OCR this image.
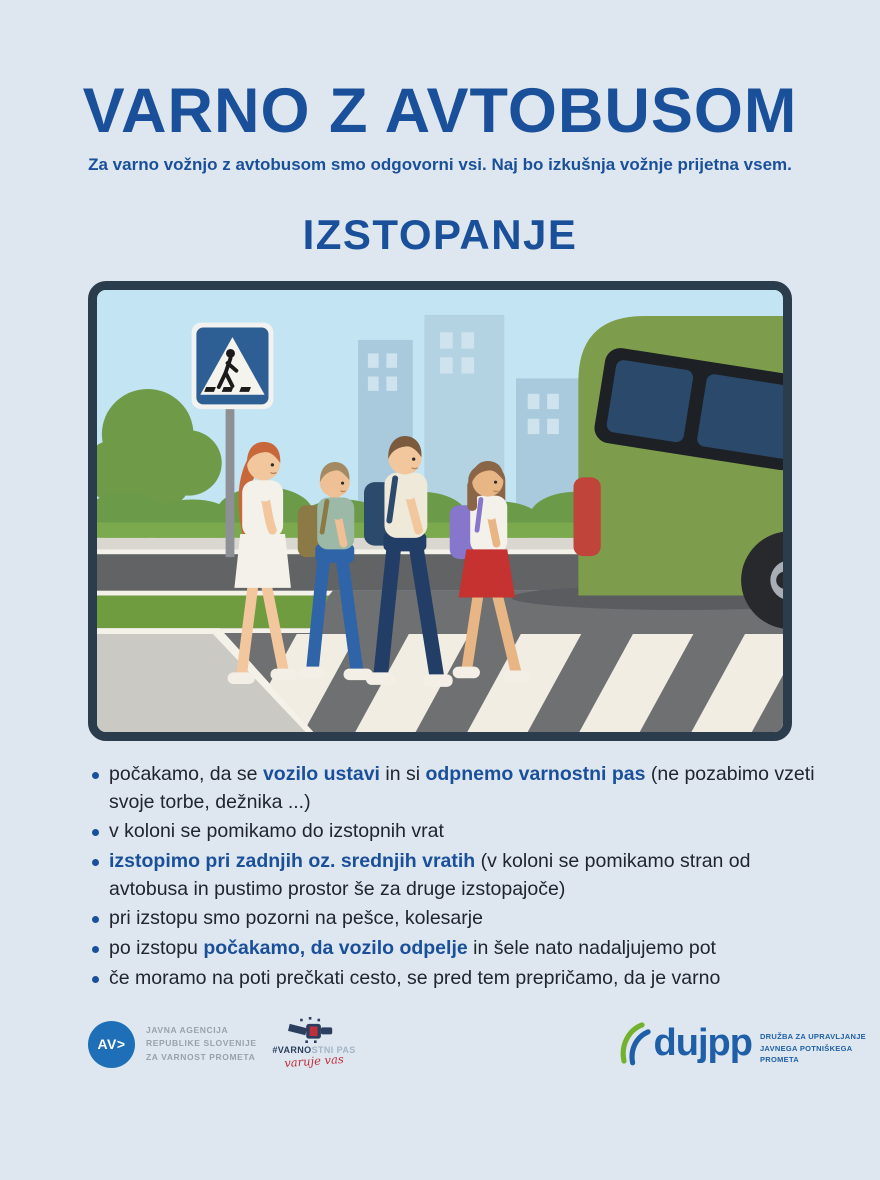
VARNO Z AVTOBUSOM

Za varno vožnjo z avtobusom smo odgovorni vsi. Naj bo izkušnja vožnje prijetna vsem.

IZSTOPANJE
počakamo, da se vozilo ustavi in si odpnemo varnostni pas (ne pozabimo vzeti svoje torbe, dežnika ...)
v koloni se pomikamo do izstopnih vrat
izstopimo pri zadnjih oz. srednjih vratih (v koloni se pomikamo stran od avtobusa in pustimo prostor še za druge izstopajoče)
pri izstopu smo pozorni na pešce, kolesarje
po izstopu počakamo, da vozilo odpelje in šele nato nadaljujemo pot
če moramo na poti prečkati cesto, se pred tem prepričamo, da je varno
AV>
JAVNA AGENCIJA
REPUBLIKE SLOVENIJE
ZA VARNOST PROMETA
#VARNOSTNI PAS
varuje vas	dujpp DRUŽBA ZA UPRAVLJANJE
JAVNEGA POTNIŠKEGA PROMETA
